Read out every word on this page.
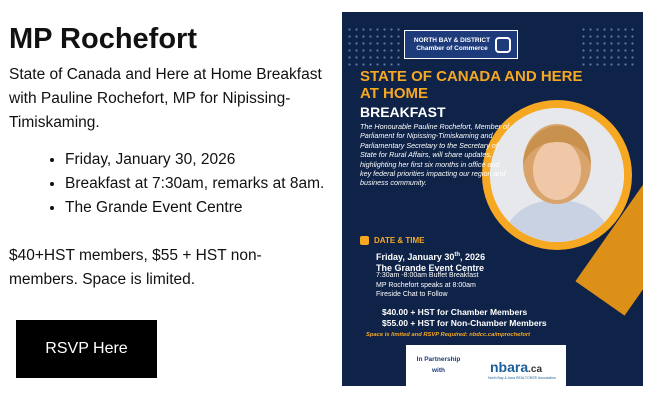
MP Rochefort
State of Canada and Here at Home Breakfast with Pauline Rochefort, MP for Nipissing-Timiskaming.
• Friday, January 30, 2026
• Breakfast at 7:30am, remarks at 8am.
• The Grande Event Centre
$40+HST members, $55 + HST non-members. Space is limited.
RSVP Here
NORTH BAY & DISTRICT Chamber of Commerce
STATE OF CANADA AND HERE AT HOME
BREAKFAST
The Honourable Pauline Rochefort, Member of Parliament for Nipissing-Timiskaming and Parliamentary Secretary to the Secretary of State for Rural Affairs, will share updates, highlighting her first six months in office and key federal priorities impacting our region and business community.
DATE & TIME
Friday, January 30th, 2026
The Grande Event Centre
7:30am -8:00am Buffet Breakfast
MP Rochefort speaks at 8:00am
Fireside Chat to Follow
$40.00 + HST for Chamber Members
$55.00 + HST for Non-Chamber Members
Space is limited and RSVP Required: nbdcc.ca/mprochefort
In Partnership with	nbara.ca
North Bay & Area REALTORS® Association
